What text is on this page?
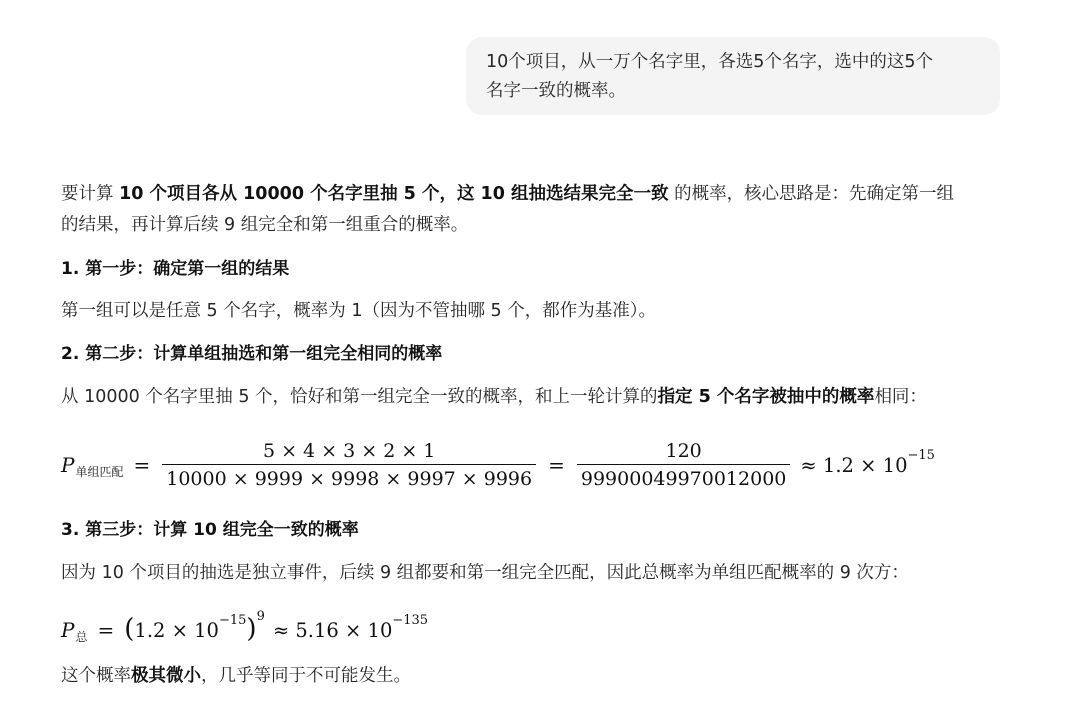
10个项目，从一万个名字里，各选5个名字，选中的这5个
名字一致的概率。
要计算 10 个项目各从 10000 个名字里抽 5 个，这 10 组抽选结果完全一致 的概率，核心思路是：先确定第一组
的结果，再计算后续 9 组完全和第一组重合的概率。
1. 第一步：确定第一组的结果
第一组可以是任意 5 个名字，概率为 1（因为不管抽哪 5 个，都作为基准）。
2. 第二步：计算单组抽选和第一组完全相同的概率
从 10000 个名字里抽 5 个，恰好和第一组完全一致的概率，和上一轮计算的指定 5 个名字被抽中的概率相同：
P 单组匹配 = $\frac{5 \times 4 \times 3 \times 2 \times 1}{10000 \times 9999 \times 9998 \times 9997 \times 9996} = \frac{120}{99900049970012000} \approx 1.2 \times 10 -15$
3. 第三步：计算 10 组完全一致的概率
因为 10 个项目的抽选是独立事件，后续 9 组都要和第一组完全匹配，因此总概率为单组匹配概率的 9 次方：
P 总 = ( 1.2 × 10 −15 ) 9
≈ 5.16 × 10 −135
这个概率极其微小，几乎等同于不可能发生。
